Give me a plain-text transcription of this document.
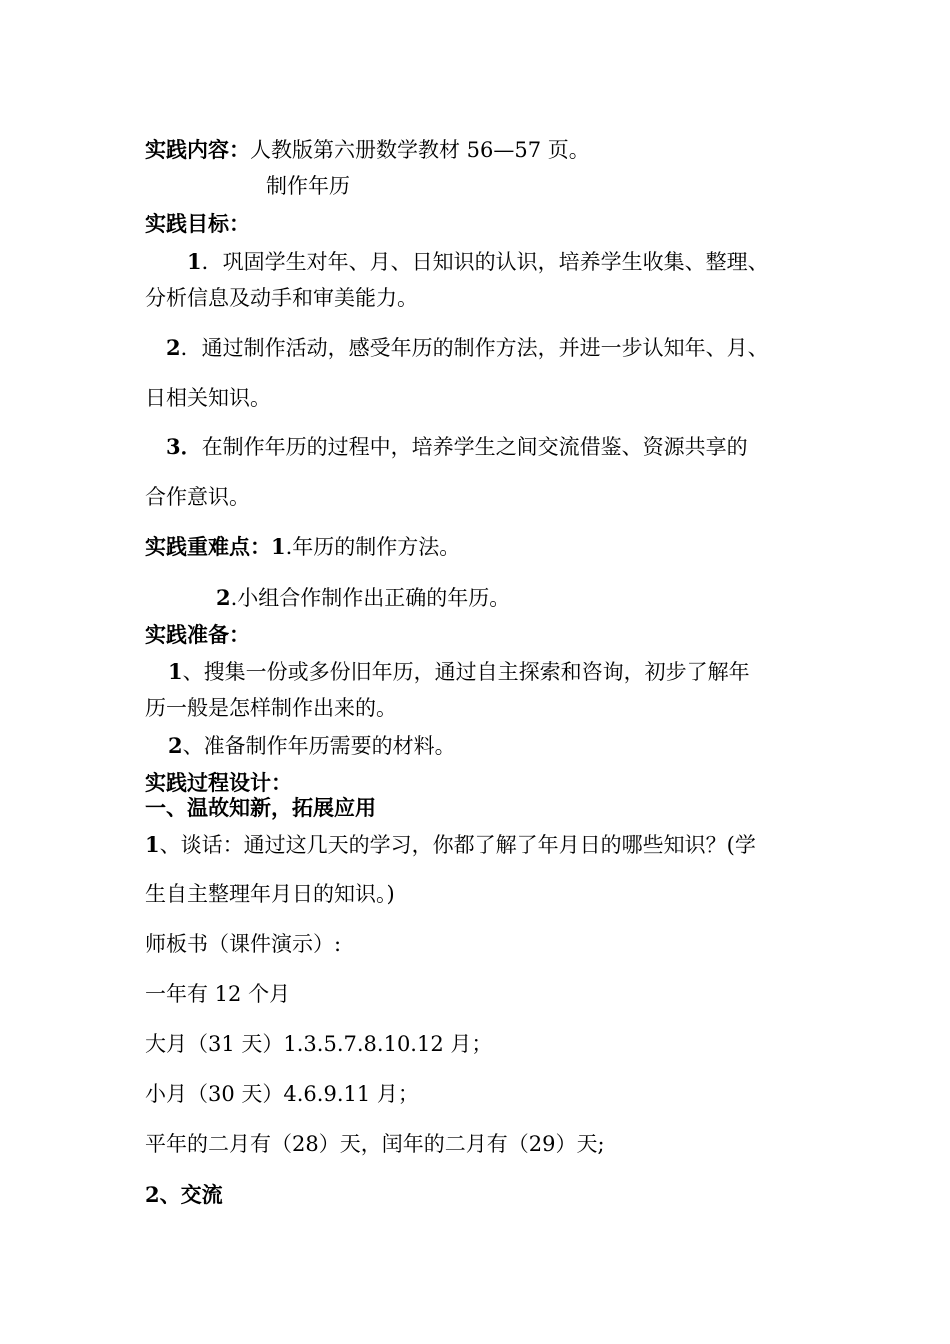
实践内容：人教版第六册数学教材 56—57 页。
制作年历
实践目标：
1．巩固学生对年、月、日知识的认识，培养学生收集、整理、
分析信息及动手和审美能力。
2．通过制作活动，感受年历的制作方法，并进一步认知年、月、
日相关知识。
3．在制作年历的过程中，培养学生之间交流借鉴、资源共享的
合作意识。
实践重难点：1.年历的制作方法。
2.小组合作制作出正确的年历。
实践准备：
1、搜集一份或多份旧年历，通过自主探索和咨询，初步了解年
历一般是怎样制作出来的。
2、准备制作年历需要的材料。
实践过程设计：
一、温故知新，拓展应用
1、谈话：通过这几天的学习，你都了解了年月日的哪些知识？(学
生自主整理年月日的知识。)
师板书（课件演示）:
一年有 12 个月
大月（31 天）1.3.5.7.8.10.12 月；
小月（30 天）4.6.9.11 月；
平年的二月有（28）天，闰年的二月有（29）天;
2、交流
